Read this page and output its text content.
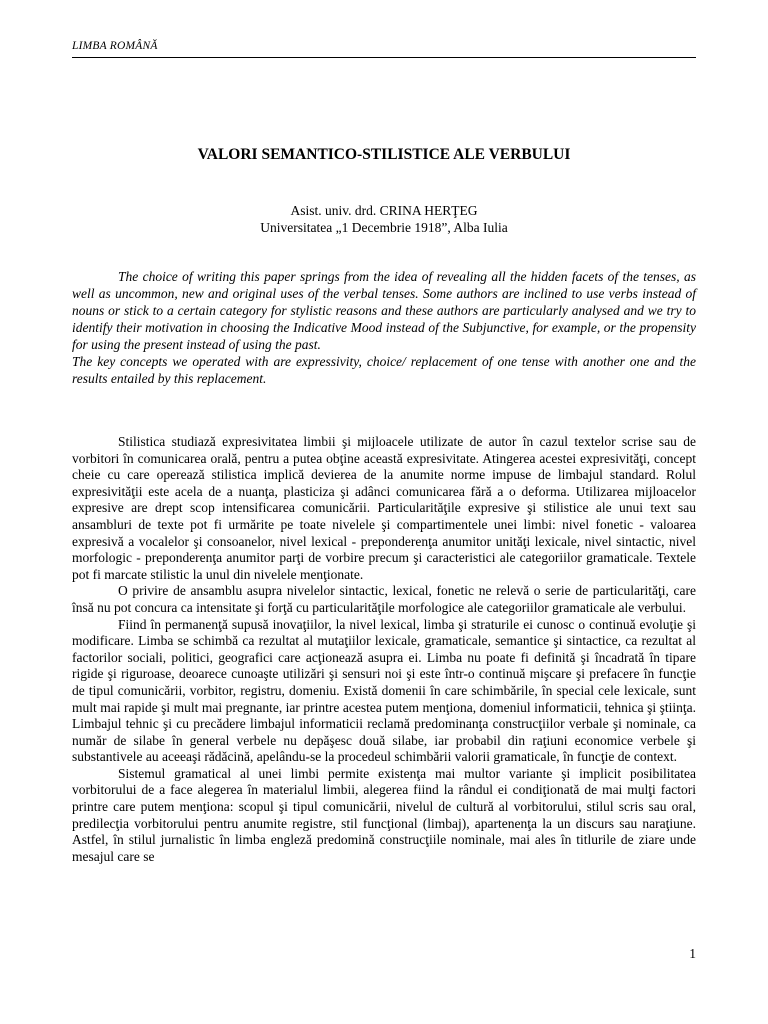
LIMBA ROMÂNĂ
VALORI SEMANTICO-STILISTICE ALE VERBULUI
Asist. univ. drd. CRINA HERŢEG
Universitatea „1 Decembrie 1918”, Alba Iulia

The choice of writing this paper springs from the idea of revealing all the hidden facets of the tenses, as well as uncommon, new and original uses of the verbal tenses. Some authors are inclined to use verbs instead of nouns or stick to a certain category for stylistic reasons and these authors are particularly analysed and we try to identify their motivation in choosing the Indicative Mood instead of the Subjunctive, for example, or the propensity for using the present instead of using the past.

The key concepts we operated with are expressivity, choice/ replacement of one tense with another one and the results entailed by this replacement.

Stilistica studiază expresivitatea limbii şi mijloacele utilizate de autor în cazul textelor scrise sau de vorbitori în comunicarea orală, pentru a putea obţine această expresivitate. Atingerea acestei expresivităţi, concept cheie cu care operează stilistica implică devierea de la anumite norme impuse de limbajul standard. Rolul expresivităţii este acela de a nuanţa, plasticiza şi adânci comunicarea fără a o deforma. Utilizarea mijloacelor expresive are drept scop intensificarea comunicării. Particularităţile expresive şi stilistice ale unui text sau ansambluri de texte pot fi urmărite pe toate nivelele şi compartimentele unei limbi: nivel fonetic - valoarea expresivă a vocalelor şi consoanelor, nivel lexical - preponderenţa anumitor unităţi lexicale, nivel sintactic, nivel morfologic - preponderenţa anumitor parţi de vorbire precum şi caracteristici ale categoriilor gramaticale. Textele pot fi marcate stilistic la unul din nivelele menţionate.

O privire de ansamblu asupra nivelelor sintactic, lexical, fonetic ne relevă o serie de particularităţi, care însă nu pot concura ca intensitate şi forţă cu particularităţile morfologice ale categoriilor gramaticale ale verbului.

Fiind în permanenţă supusă inovaţiilor, la nivel lexical, limba şi straturile ei cunosc o continuă evoluţie şi modificare. Limba se schimbă ca rezultat al mutaţiilor lexicale, gramaticale, semantice şi sintactice, ca rezultat al factorilor sociali, politici, geografici care acţionează asupra ei. Limba nu poate fi definită şi încadrată în tipare rigide şi riguroase, deoarece cunoaşte utilizări şi sensuri noi şi este într-o continuă mişcare şi prefacere în funcţie de tipul comunicării, vorbitor, registru, domeniu. Există domenii în care schimbările, în special cele lexicale, sunt mult mai rapide şi mult mai pregnante, iar printre acestea putem menţiona, domeniul informaticii, tehnica şi ştiinţa. Limbajul tehnic şi cu precădere limbajul informaticii reclamă predominanţa construcţiilor verbale şi nominale, ca număr de silabe în general verbele nu depăşesc două silabe, iar probabil din raţiuni economice verbele şi substantivele au aceeaşi rădăcină, apelându-se la procedeul schimbării valorii gramaticale, în funcţie de context.

Sistemul gramatical al unei limbi permite existenţa mai multor variante şi implicit posibilitatea vorbitorului de a face alegerea în materialul limbii, alegerea fiind la rândul ei condiţionată de mai mulţi factori printre care putem menţiona: scopul şi tipul comunicării, nivelul de cultură al vorbitorului, stilul scris sau oral, predilecţia vorbitorului pentru anumite registre, stil funcţional (limbaj), apartenenţa la un discurs sau naraţiune. Astfel, în stilul jurnalistic în limba engleză predomină construcţiile nominale, mai ales în titlurile de ziare unde mesajul care se

1
